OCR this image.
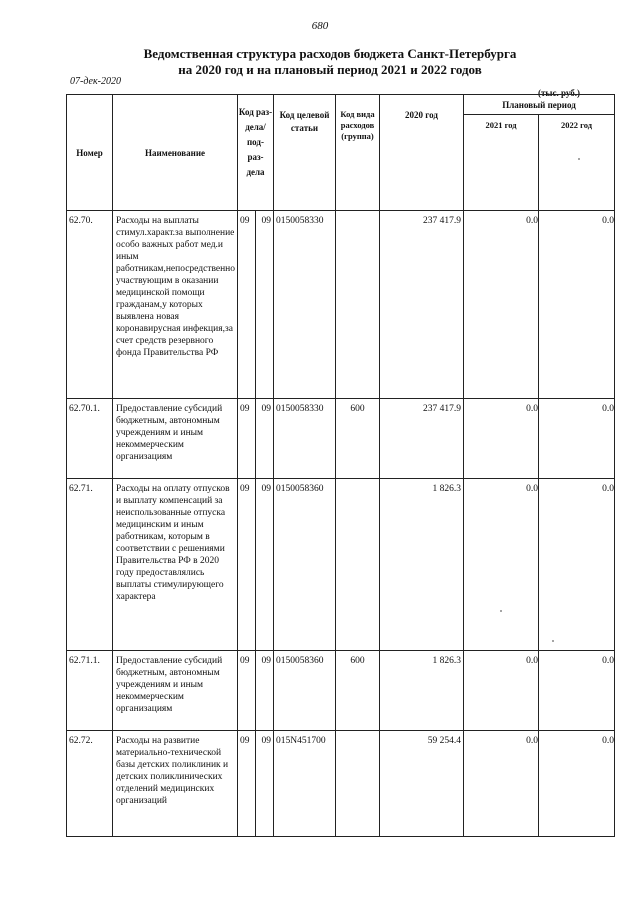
680
Ведомственная структура расходов бюджета Санкт-Петербурга
на 2020 год и на плановый период 2021 и 2022 годов
07-дек-2020
(тыс. руб.)
Номер	Наименование	Код раз- дела/ под- раз- дела		Код целевой статьи	Код вида расходов (группа)	2020 год	Плановый период	
							2021 год	2022 год
62.70.	Расходы на выплаты стимул.характ.за выполнение особо важных работ мед.и иным работникам,непосредственно участвующим в оказании медицинской помощи гражданам,у которых выявлена новая коронавирусная инфекция,за счет средств резервного фонда Правительства РФ	09	09	0150058330		237 417.9	0.0	0.0
62.70.1.	Предоставление субсидий бюджетным, автономным учреждениям и иным некоммерческим организациям	09	09	0150058330	600	237 417.9	0.0	0.0
62.71.	Расходы на оплату отпусков и выплату компенсаций за неиспользованные отпуска медицинским и иным работникам, которым в соответствии с решениями Правительства РФ в 2020 году предоставлялись выплаты стимулирующего характера	09	09	0150058360		1 826.3	0.0	0.0
62.71.1.	Предоставление субсидий бюджетным, автономным учреждениям и иным некоммерческим организациям	09	09	0150058360	600	1 826.3	0.0	0.0
62.72.	Расходы на развитие материально-технической базы детских поликлиник и детских поликлинических отделений медицинских организаций	09	09	015N451700		59 254.4	0.0	0.0
